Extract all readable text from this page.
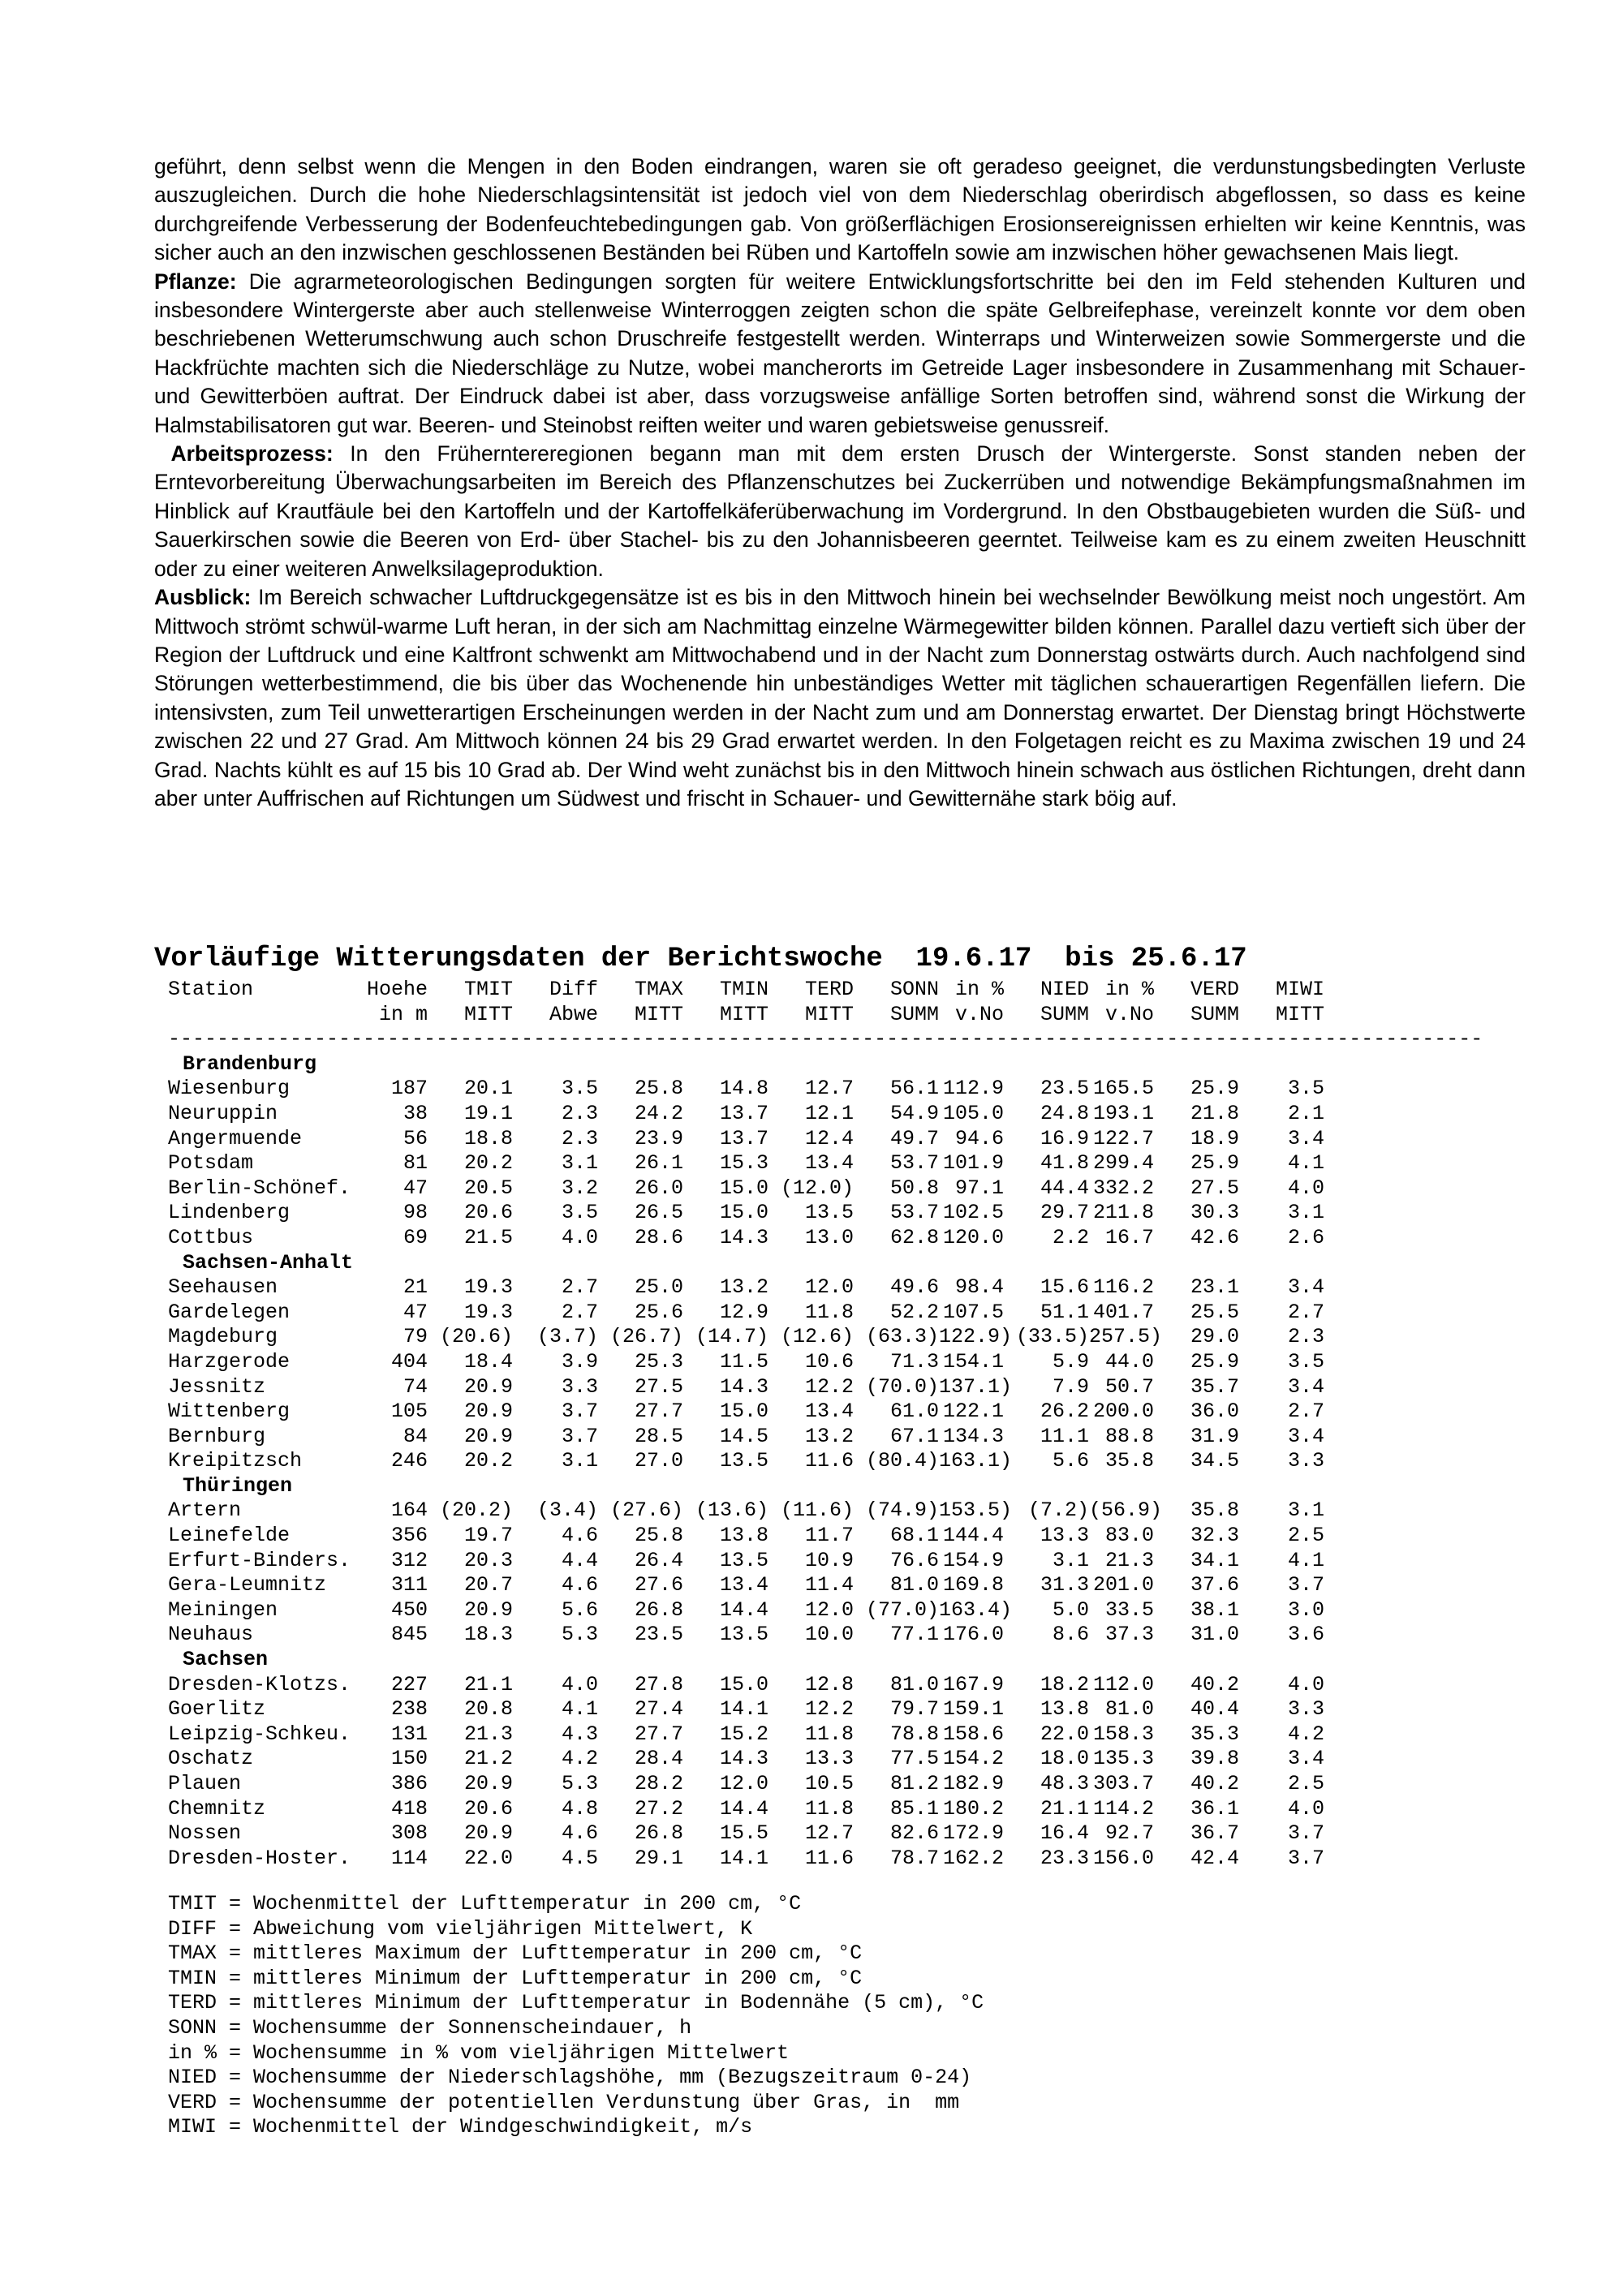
geführt, denn selbst wenn die Mengen in den Boden eindrangen, waren sie oft geradeso geeignet, die verdunstungsbedingten Verluste auszugleichen. Durch die hohe Niederschlagsintensität ist jedoch viel von dem Niederschlag oberirdisch abgeflossen, so dass es keine durchgreifende Verbesserung der Bodenfeuchtebedingungen gab. Von größerflächigen Erosionsereignissen erhielten wir keine Kenntnis, was sicher auch an den inzwischen geschlossenen Beständen bei Rüben und Kartoffeln sowie am inzwischen höher gewachsenen Mais liegt.

Pflanze: Die agrarmeteorologischen Bedingungen sorgten für weitere Entwicklungsfortschritte bei den im Feld stehenden Kulturen und insbesondere Wintergerste aber auch stellenweise Winterroggen zeigten schon die späte Gelbreifephase, vereinzelt konnte vor dem oben beschriebenen Wetterumschwung auch schon Druschreife festgestellt werden. Winterraps und Winterweizen sowie Sommergerste und die Hackfrüchte machten sich die Niederschläge zu Nutze, wobei mancherorts im Getreide Lager insbesondere in Zusammenhang mit Schauer- und Gewitterböen auftrat. Der Eindruck dabei ist aber, dass vorzugsweise anfällige Sorten betroffen sind, während sonst die Wirkung der Halmstabilisatoren gut war. Beeren- und Steinobst reiften weiter und waren gebietsweise genussreif.

Arbeitsprozess: In den Früherntereregionen begann man mit dem ersten Drusch der Wintergerste. Sonst standen neben der Erntevorbereitung Überwachungsarbeiten im Bereich des Pflanzenschutzes bei Zuckerrüben und notwendige Bekämpfungsmaßnahmen im Hinblick auf Krautfäule bei den Kartoffeln und der Kartoffelkäferüberwachung im Vordergrund. In den Obstbaugebieten wurden die Süß- und Sauerkirschen sowie die Beeren von Erd- über Stachel- bis zu den Johannisbeeren geerntet. Teilweise kam es zu einem zweiten Heuschnitt oder zu einer weiteren Anwelksilageproduktion.

Ausblick: Im Bereich schwacher Luftdruckgegensätze ist es bis in den Mittwoch hinein bei wechselnder Bewölkung meist noch ungestört. Am Mittwoch strömt schwül-warme Luft heran, in der sich am Nachmittag einzelne Wärmegewitter bilden können. Parallel dazu vertieft sich über der Region der Luftdruck und eine Kaltfront schwenkt am Mittwochabend und in der Nacht zum Donnerstag ostwärts durch. Auch nachfolgend sind Störungen wetterbestimmend, die bis über das Wochenende hin unbeständiges Wetter mit täglichen schauerartigen Regenfällen liefern. Die intensivsten, zum Teil unwetterartigen Erscheinungen werden in der Nacht zum und am Donnerstag erwartet. Der Dienstag bringt Höchstwerte zwischen 22 und 27 Grad. Am Mittwoch können 24 bis 29 Grad erwartet werden. In den Folgetagen reicht es zu Maxima zwischen 19 und 24 Grad. Nachts kühlt es auf 15 bis 10 Grad ab. Der Wind weht zunächst bis in den Mittwoch hinein schwach aus östlichen Richtungen, dreht dann aber unter Auffrischen auf Richtungen um Südwest und frischt in Schauer- und Gewitternähe stark böig auf.

Vorläufige Witterungsdaten der Berichtswoche  19.6.17  bis 25.6.17
Station	Hoehe	TMIT	Diff	TMAX	TMIN	TERD	SONN in %	NIED in %	VERD	MIWI
in m	MITT	Abwe	MITT	MITT	MITT	SUMM v.No	SUMM v.No	SUMM	MITT
------------------------------------------------------------------------------------------------------------
Brandenburg
Wiesenburg	187	20.1	3.5	25.8	14.8	12.7	56.1 112.9	23.5 165.5	25.9	3.5
Neuruppin	38	19.1	2.3	24.2	13.7	12.1	54.9 105.0	24.8 193.1	21.8	2.1
Angermuende	56	18.8	2.3	23.9	13.7	12.4	49.7 94.6	16.9 122.7	18.9	3.4
Potsdam	81	20.2	3.1	26.1	15.3	13.4	53.7 101.9	41.8 299.4	25.9	4.1
Berlin-Schönef.	47	20.5	3.2	26.0	15.0 (12.0)	50.8 97.1	44.4 332.2	27.5	4.0
Lindenberg	98	20.6	3.5	26.5	15.0	13.5	53.7 102.5	29.7 211.8	30.3	3.1
Cottbus	69	21.5	4.0	28.6	14.3	13.0	62.8 120.0	2.2 16.7	42.6	2.6
Sachsen-Anhalt
Seehausen	21	19.3	2.7	25.0	13.2	12.0	49.6 98.4	15.6 116.2	23.1	3.4
Gardelegen	47	19.3	2.7	25.6	12.9	11.8	52.2 107.5	51.1 401.7	25.5	2.7
Magdeburg	79 (20.6)	(3.7) (26.7) (14.7) (12.6) (63.3) 122.9) (33.5) 257.5)	29.0	2.3
Harzgerode	404	18.4	3.9	25.3	11.5	10.6	71.3 154.1	5.9 44.0	25.9	3.5
Jessnitz	74	20.9	3.3	27.5	14.3	12.2 (70.0) 137.1)	7.9 50.7	35.7	3.4
Wittenberg	105	20.9	3.7	27.7	15.0	13.4	61.0 122.1	26.2 200.0	36.0	2.7
Bernburg	84	20.9	3.7	28.5	14.5	13.2	67.1 134.3	11.1 88.8	31.9	3.4
Kreipitzsch	246	20.2	3.1	27.0	13.5	11.6 (80.4) 163.1)	5.6 35.8	34.5	3.3
Thüringen
Artern	164 (20.2)	(3.4) (27.6) (13.6) (11.6) (74.9) 153.5) (7.2) (56.9)	35.8	3.1
Leinefelde	356	19.7	4.6	25.8	13.8	11.7	68.1 144.4	13.3 83.0	32.3	2.5
Erfurt-Binders.	312	20.3	4.4	26.4	13.5	10.9	76.6 154.9	3.1 21.3	34.1	4.1
Gera-Leumnitz	311	20.7	4.6	27.6	13.4	11.4	81.0 169.8	31.3 201.0	37.6	3.7
Meiningen	450	20.9	5.6	26.8	14.4	12.0 (77.0) 163.4)	5.0 33.5	38.1	3.0
Neuhaus	845	18.3	5.3	23.5	13.5	10.0	77.1 176.0	8.6 37.3	31.0	3.6
Sachsen
Dresden-Klotzs.	227	21.1	4.0	27.8	15.0	12.8	81.0 167.9	18.2 112.0	40.2	4.0
Goerlitz	238	20.8	4.1	27.4	14.1	12.2	79.7 159.1	13.8 81.0	40.4	3.3
Leipzig-Schkeu.	131	21.3	4.3	27.7	15.2	11.8	78.8 158.6	22.0 158.3	35.3	4.2
Oschatz	150	21.2	4.2	28.4	14.3	13.3	77.5 154.2	18.0 135.3	39.8	3.4
Plauen	386	20.9	5.3	28.2	12.0	10.5	81.2 182.9	48.3 303.7	40.2	2.5
Chemnitz	418	20.6	4.8	27.2	14.4	11.8	85.1 180.2	21.1 114.2	36.1	4.0
Nossen	308	20.9	4.6	26.8	15.5	12.7	82.6 172.9	16.4 92.7	36.7	3.7
Dresden-Hoster.	114	22.0	4.5	29.1	14.1	11.6	78.7 162.2	23.3 156.0	42.4	3.7
TMIT = Wochenmittel der Lufttemperatur in 200 cm, °C
DIFF = Abweichung vom vieljährigen Mittelwert, K
TMAX = mittleres Maximum der Lufttemperatur in 200 cm, °C
TMIN = mittleres Minimum der Lufttemperatur in 200 cm, °C
TERD = mittleres Minimum der Lufttemperatur in Bodennähe (5 cm), °C
SONN = Wochensumme der Sonnenscheindauer, h
in % = Wochensumme in % vom vieljährigen Mittelwert
NIED = Wochensumme der Niederschlagshöhe, mm (Bezugszeitraum 0-24)
VERD = Wochensumme der potentiellen Verdunstung über Gras, in  mm
MIWI = Wochenmittel der Windgeschwindigkeit, m/s
